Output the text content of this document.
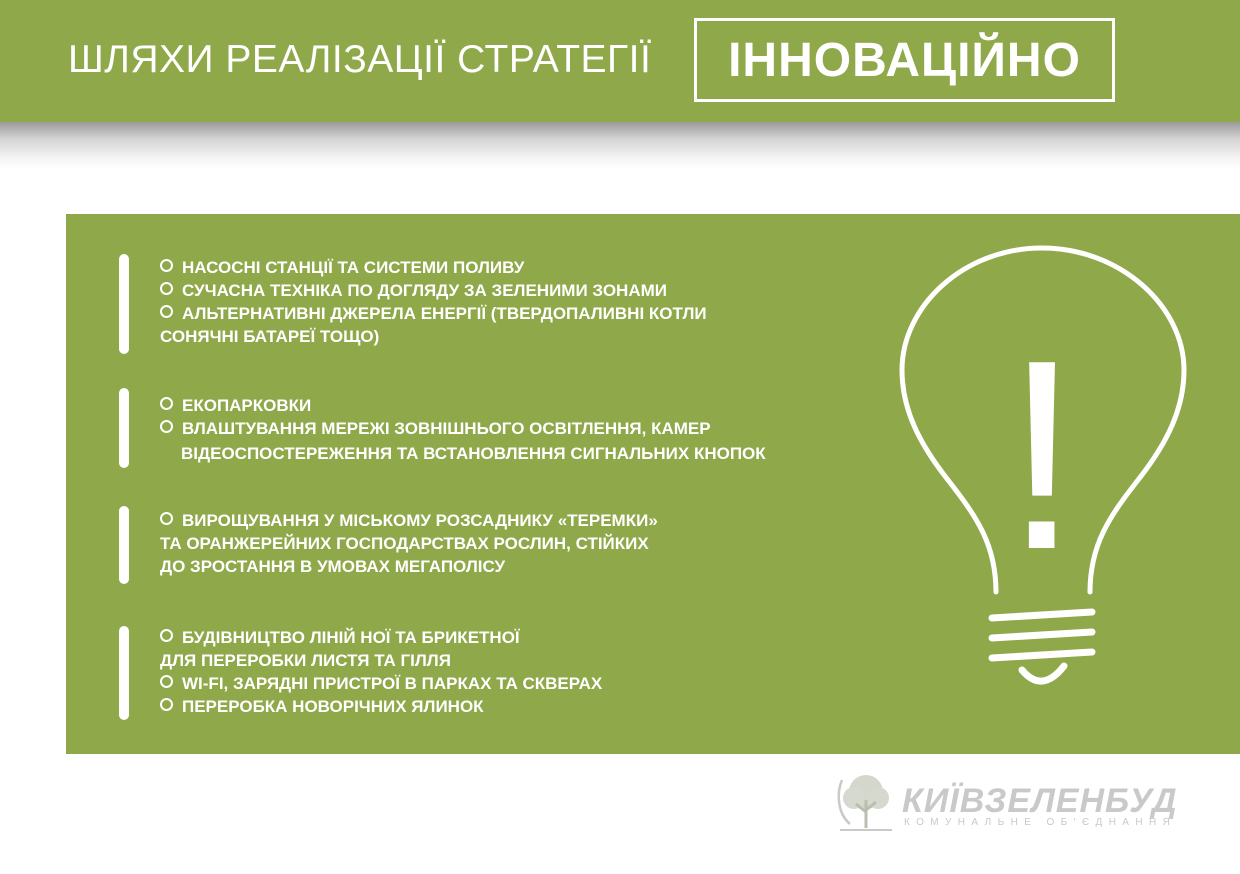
ШЛЯХИ РЕАЛІЗАЦІЇ СТРАТЕГІЇ ІННОВАЦІЙНО
НАСОСНІ СТАНЦІЇ ТА СИСТЕМИ ПОЛИВУ
СУЧАСНА ТЕХНІКА ПО ДОГЛЯДУ ЗА ЗЕЛЕНИМИ ЗОНАМИ
АЛЬТЕРНАТИВНІ ДЖЕРЕЛА ЕНЕРГІЇ (ТВЕРДОПАЛИВНІ КОТЛИ
СОНЯЧНІ БАТАРЕЇ ТОЩО)
ЕКОПАРКОВКИ
ВЛАШТУВАННЯ МЕРЕЖІ ЗОВНІШНЬОГО ОСВІТЛЕННЯ, КАМЕР
ВІДЕОСПОСТЕРЕЖЕННЯ ТА ВСТАНОВЛЕННЯ СИГНАЛЬНИХ КНОПОК
ВИРОЩУВАННЯ У МІСЬКОМУ РОЗСАДНИКУ «ТЕРЕМКИ»
ТА ОРАНЖЕРЕЙНИХ ГОСПОДАРСТВАХ РОСЛИН, СТІЙКИХ
ДО ЗРОСТАННЯ В УМОВАХ МЕГАПОЛІСУ
БУДІВНИЦТВО ЛІНІЙ НОЇ ТА БРИКЕТНОЇ
ДЛЯ ПЕРЕРОБКИ ЛИСТЯ ТА ГІЛЛЯ
WI-FI, ЗАРЯДНІ ПРИСТРОЇ В ПАРКАХ ТА СКВЕРАХ
ПЕРЕРОБКА НОВОРІЧНИХ ЯЛИНОК
!
КИЇВЗЕЛЕНБУД
КОМУНАЛЬНЕ ОБ'ЄДНАННЯ
